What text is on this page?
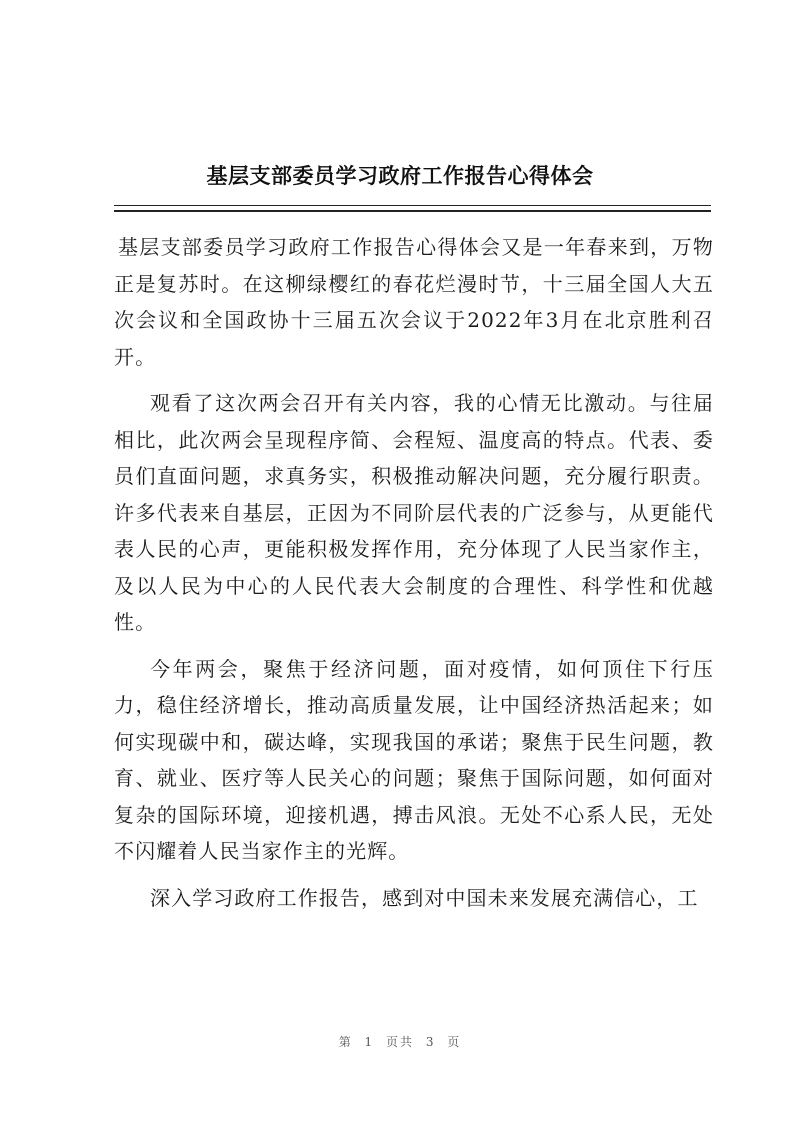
基层支部委员学习政府工作报告心得体会

基层支部委员学习政府工作报告心得体会又是一年春来到，万物正是复苏时。在这柳绿樱红的春花烂漫时节，十三届全国人大五次会议和全国政协十三届五次会议于2022年3月在北京胜利召开。

观看了这次两会召开有关内容，我的心情无比激动。与往届相比，此次两会呈现程序简、会程短、温度高的特点。代表、委员们直面问题，求真务实，积极推动解决问题，充分履行职责。许多代表来自基层，正因为不同阶层代表的广泛参与，从更能代表人民的心声，更能积极发挥作用，充分体现了人民当家作主，及以人民为中心的人民代表大会制度的合理性、科学性和优越性。

今年两会，聚焦于经济问题，面对疫情，如何顶住下行压力，稳住经济增长，推动高质量发展，让中国经济热活起来；如何实现碳中和，碳达峰，实现我国的承诺；聚焦于民生问题，教育、就业、医疗等人民关心的问题；聚焦于国际问题，如何面对复杂的国际环境，迎接机遇，搏击风浪。无处不心系人民，无处不闪耀着人民当家作主的光辉。

深入学习政府工作报告，感到对中国未来发展充满信心，工

第 1 页共 3 页
